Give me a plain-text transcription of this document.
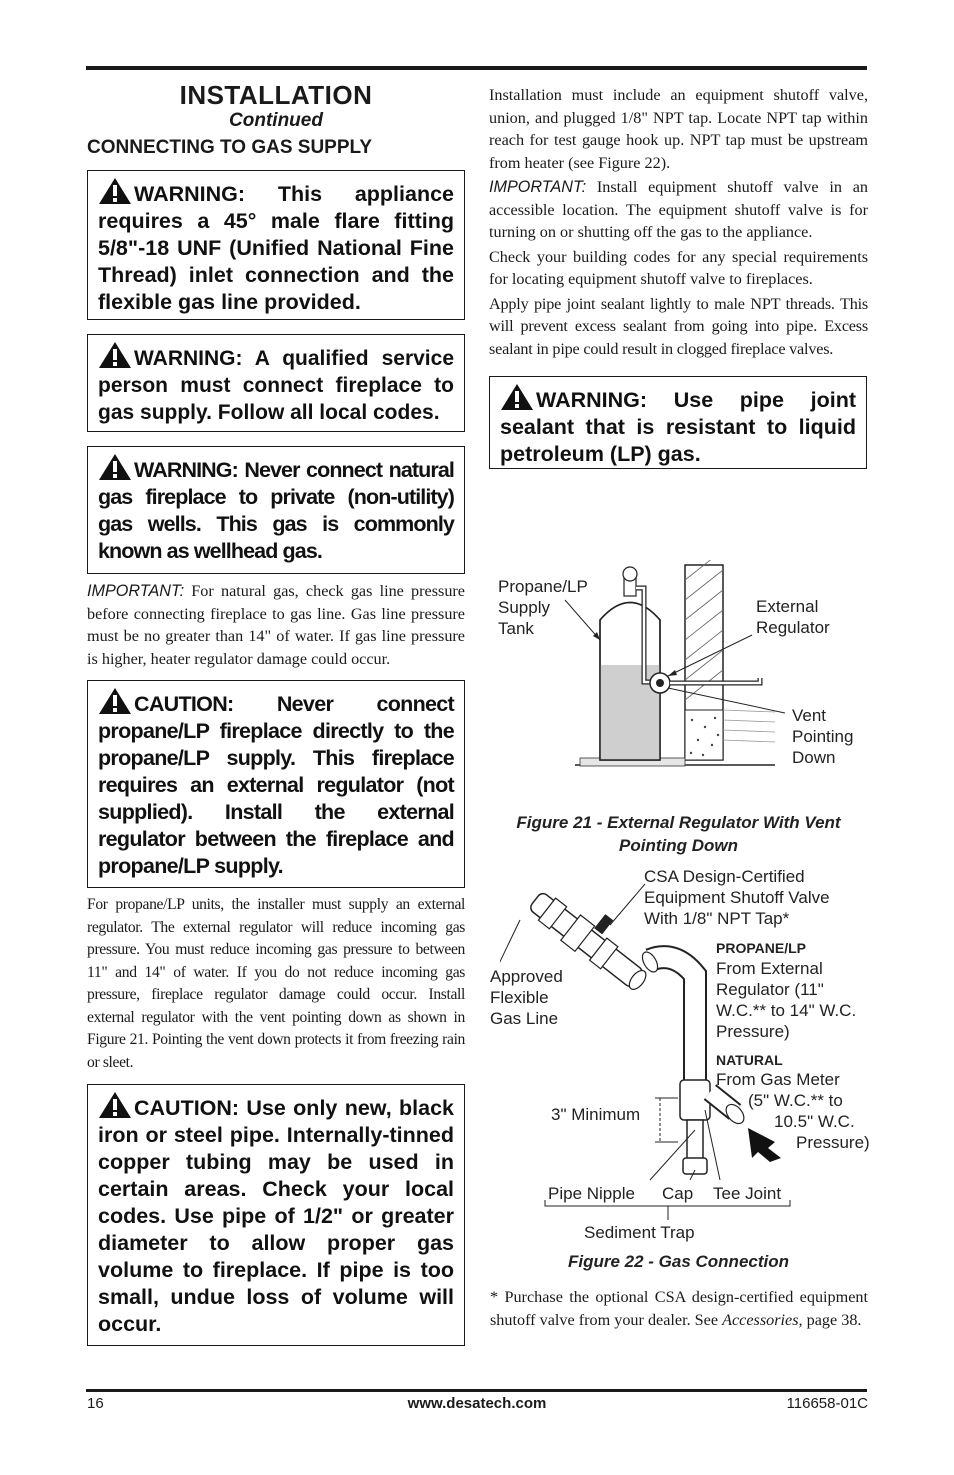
INSTALLATION
Continued
CONNECTING TO GAS SUPPLY
WARNING: This appliance requires a 45° male flare fitting 5/8"-18 UNF (Unified National Fine Thread) inlet connection and the flexible gas line provided.
WARNING: A qualified service person must connect fireplace to gas supply. Follow all local codes.
WARNING: Never connect natural gas fireplace to private (non-utility) gas wells. This gas is commonly known as wellhead gas.
IMPORTANT: For natural gas, check gas line pressure before connecting fireplace to gas line. Gas line pressure must be no greater than 14" of water. If gas line pressure is higher, heater regulator damage could occur.
CAUTION: Never connect propane/LP fireplace directly to the propane/LP supply. This fireplace requires an external regulator (not supplied). Install the external regulator between the fireplace and propane/LP supply.
For propane/LP units, the installer must supply an external regulator. The external regulator will reduce incoming gas pressure. You must reduce incoming gas pressure to between 11" and 14" of water. If you do not reduce incoming gas pressure, fireplace regulator damage could occur. Install external regulator with the vent pointing down as shown in Figure 21. Pointing the vent down protects it from freezing rain or sleet.
CAUTION: Use only new, black iron or steel pipe. Internally-tinned copper tubing may be used in certain areas. Check your local codes. Use pipe of 1/2" or greater diameter to allow proper gas volume to fireplace. If pipe is too small, undue loss of volume will occur.
Installation must include an equipment shutoff valve, union, and plugged 1/8" NPT tap. Locate NPT tap within reach for test gauge hook up. NPT tap must be upstream from heater (see Figure 22).
IMPORTANT: Install equipment shutoff valve in an accessible location. The equipment shutoff valve is for turning on or shutting off the gas to the appliance.
Check your building codes for any special requirements for locating equipment shutoff valve to fireplaces.
Apply pipe joint sealant lightly to male NPT threads. This will prevent excess sealant from going into pipe. Excess sealant in pipe could result in clogged fireplace valves.
WARNING: Use pipe joint sealant that is resistant to liquid petroleum (LP) gas.
Propane/LP
Supply
Tank
External
Regulator
Vent
Pointing
Down
Figure 21 - External Regulator With Vent
Pointing Down
CSA Design-Certified
Equipment Shutoff Valve
With 1/8" NPT Tap*
PROPANE/LP
From External
Regulator (11"
W.C.** to 14" W.C.
Pressure)
NATURAL
From Gas Meter
(5" W.C.** to
10.5" W.C.
Pressure)
Approved
Flexible
Gas Line
3" Minimum
Pipe Nipple Cap Tee Joint
Sediment Trap
Figure 22 - Gas Connection
* Purchase the optional CSA design-certified equipment shutoff valve from your dealer. See Accessories, page 38.
16	www.desatech.com	116658-01C
